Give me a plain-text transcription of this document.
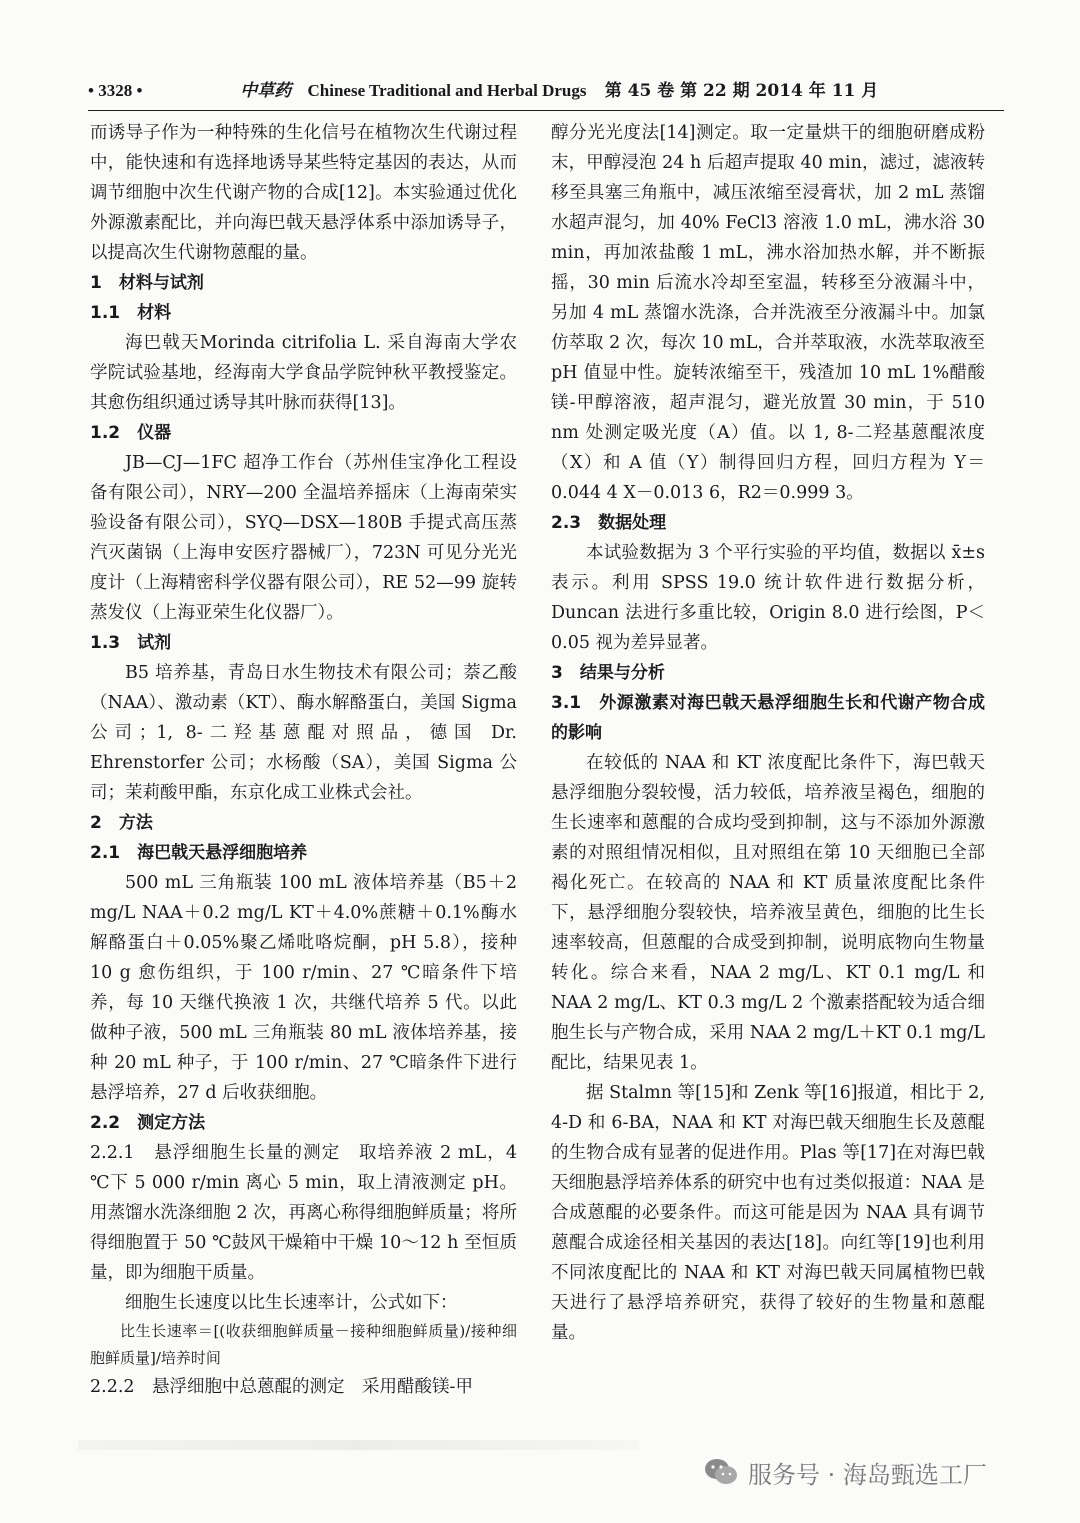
• 3328 •	中草药 Chinese Traditional and Herbal Drugs 第 45 卷 第 22 期 2014 年 11 月

而诱导子作为一种特殊的生化信号在植物次生代谢过程中，能快速和有选择地诱导某些特定基因的表达，从而调节细胞中次生代谢产物的合成[12]。本实验通过优化外源激素配比，并向海巴戟天悬浮体系中添加诱导子，以提高次生代谢物蒽醌的量。

1　材料与试剂

1.1　材料

海巴戟天Morinda citrifolia L. 采自海南大学农学院试验基地，经海南大学食品学院钟秋平教授鉴定。其愈伤组织通过诱导其叶脉而获得[13]。

1.2　仪器

JB—CJ—1FC 超净工作台（苏州佳宝净化工程设备有限公司），NRY—200 全温培养摇床（上海南荣实验设备有限公司），SYQ—DSX—180B 手提式高压蒸汽灭菌锅（上海申安医疗器械厂），723N 可见分光光度计（上海精密科学仪器有限公司），RE 52—99 旋转蒸发仪（上海亚荣生化仪器厂）。

1.3　试剂

B5 培养基，青岛日水生物技术有限公司；萘乙酸（NAA）、激动素（KT）、酶水解酪蛋白，美国 Sigma 公司；1, 8-二羟基蒽醌对照品，德国 Dr. Ehrenstorfer 公司；水杨酸（SA），美国 Sigma 公司；茉莉酸甲酯，东京化成工业株式会社。

2　方法

2.1　海巴戟天悬浮细胞培养

500 mL 三角瓶装 100 mL 液体培养基（B5＋2 mg/L NAA＋0.2 mg/L KT＋4.0%蔗糖＋0.1%酶水解酪蛋白＋0.05%聚乙烯吡咯烷酮，pH 5.8），接种 10 g 愈伤组织，于 100 r/min、27 ℃暗条件下培养，每 10 天继代换液 1 次，共继代培养 5 代。以此做种子液，500 mL 三角瓶装 80 mL 液体培养基，接种 20 mL 种子，于 100 r/min、27 ℃暗条件下进行悬浮培养，27 d 后收获细胞。

2.2　测定方法

2.2.1　悬浮细胞生长量的测定　取培养液 2 mL，4 ℃下 5 000 r/min 离心 5 min，取上清液测定 pH。用蒸馏水洗涤细胞 2 次，再离心称得细胞鲜质量；将所得细胞置于 50 ℃鼓风干燥箱中干燥 10～12 h 至恒质量，即为细胞干质量。

细胞生长速度以比生长速率计，公式如下：

比生长速率＝[(收获细胞鲜质量－接种细胞鲜质量)/接种细胞鲜质量]/培养时间

2.2.2　悬浮细胞中总蒽醌的测定　采用醋酸镁-甲

醇分光光度法[14]测定。取一定量烘干的细胞研磨成粉末，甲醇浸泡 24 h 后超声提取 40 min，滤过，滤液转移至具塞三角瓶中，减压浓缩至浸膏状，加 2 mL 蒸馏水超声混匀，加 40% FeCl3 溶液 1.0 mL，沸水浴 30 min，再加浓盐酸 1 mL，沸水浴加热水解，并不断振摇，30 min 后流水冷却至室温，转移至分液漏斗中，另加 4 mL 蒸馏水洗涤，合并洗液至分液漏斗中。加氯仿萃取 2 次，每次 10 mL，合并萃取液，水洗萃取液至 pH 值显中性。旋转浓缩至干，残渣加 10 mL 1%醋酸镁-甲醇溶液，超声混匀，避光放置 30 min，于 510 nm 处测定吸光度（A）值。以 1, 8-二羟基蒽醌浓度（X）和 A 值（Y）制得回归方程，回归方程为 Y＝0.044 4 X－0.013 6，R2＝0.999 3。

2.3　数据处理

本试验数据为 3 个平行实验的平均值，数据以 x̄±s 表示。利用 SPSS 19.0 统计软件进行数据分析，Duncan 法进行多重比较，Origin 8.0 进行绘图，P＜0.05 视为差异显著。

3　结果与分析

3.1　外源激素对海巴戟天悬浮细胞生长和代谢产物合成的影响

在较低的 NAA 和 KT 浓度配比条件下，海巴戟天悬浮细胞分裂较慢，活力较低，培养液呈褐色，细胞的生长速率和蒽醌的合成均受到抑制，这与不添加外源激素的对照组情况相似，且对照组在第 10 天细胞已全部褐化死亡。在较高的 NAA 和 KT 质量浓度配比条件下，悬浮细胞分裂较快，培养液呈黄色，细胞的比生长速率较高，但蒽醌的合成受到抑制，说明底物向生物量转化。综合来看，NAA 2 mg/L、KT 0.1 mg/L 和 NAA 2 mg/L、KT 0.3 mg/L 2 个激素搭配较为适合细胞生长与产物合成，采用 NAA 2 mg/L＋KT 0.1 mg/L 配比，结果见表 1。

据 Stalmn 等[15]和 Zenk 等[16]报道，相比于 2, 4-D 和 6-BA，NAA 和 KT 对海巴戟天细胞生长及蒽醌的生物合成有显著的促进作用。Plas 等[17]在对海巴戟天细胞悬浮培养体系的研究中也有过类似报道：NAA 是合成蒽醌的必要条件。而这可能是因为 NAA 具有调节蒽醌合成途径相关基因的表达[18]。向红等[19]也利用不同浓度配比的 NAA 和 KT 对海巴戟天同属植物巴戟天进行了悬浮培养研究，获得了较好的生物量和蒽醌量。

服务号 · 海岛甄选工厂
